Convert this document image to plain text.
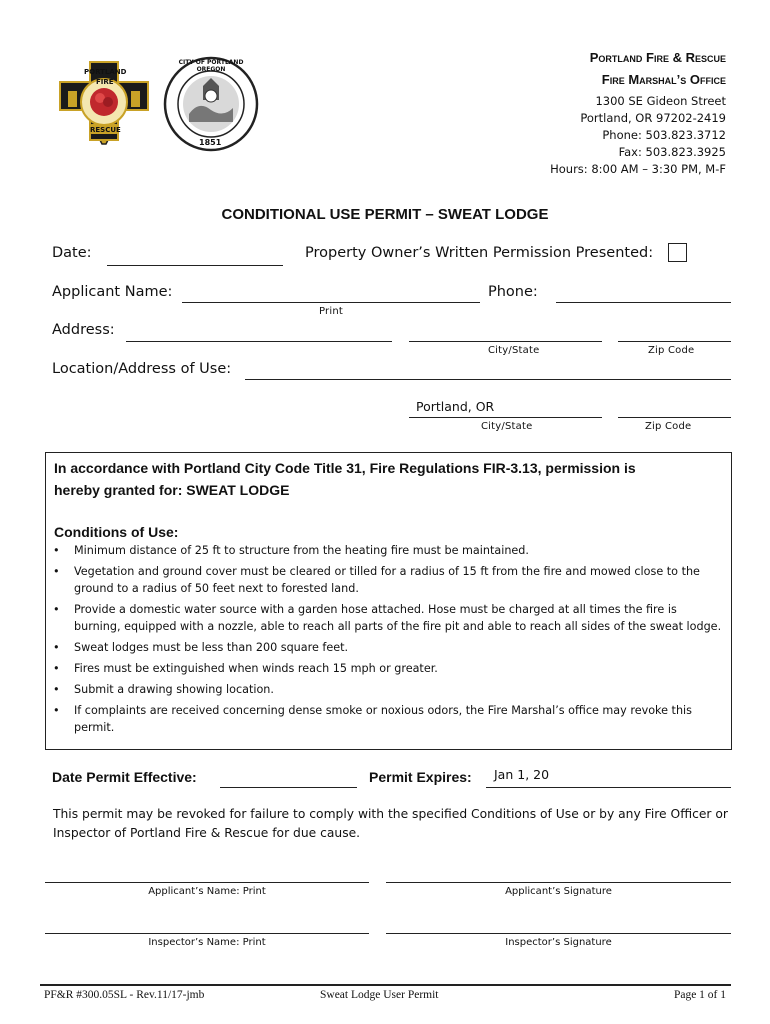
PORTLAND
FIRE
RESCUE
CITY OF PORTLAND OREGON
1851
Portland Fire & Rescue
Fire Marshal’s Office
1300 SE Gideon Street
Portland, OR 97202-2419
Phone: 503.823.3712
Fax: 503.823.3925
Hours: 8:00 AM – 3:30 PM, M-F
CONDITIONAL USE PERMIT – SWEAT LODGE
Date:	Property Owner’s Written Permission Presented:
Applicant Name:
Print
Phone:
Address:
City/State	Zip Code
Location/Address of Use:
Portland, OR
City/State	Zip Code
In accordance with Portland City Code Title 31, Fire Regulations FIR-3.13, permission is
hereby granted for: SWEAT LODGE
Conditions of Use:
• Minimum distance of 25 ft to structure from the heating fire must be maintained.
• Vegetation and ground cover must be cleared or tilled for a radius of 15 ft from the fire and mowed close to the ground to a radius of 50 feet next to forested land.
• Provide a domestic water source with a garden hose attached. Hose must be charged at all times the fire is burning, equipped with a nozzle, able to reach all parts of the fire pit and able to reach all sides of the sweat lodge.
• Sweat lodges must be less than 200 square feet.
• Fires must be extinguished when winds reach 15 mph or greater.
• Submit a drawing showing location.
• If complaints are received concerning dense smoke or noxious odors, the Fire Marshal’s office may revoke this permit.
Date Permit Effective:	Permit Expires: Jan 1, 20
This permit may be revoked for failure to comply with the specified Conditions of Use or by any Fire Officer or Inspector of Portland Fire & Rescue for due cause.
Applicant’s Name: Print	Applicant’s Signature
Inspector’s Name: Print	Inspector’s Signature
PF&R #300.05SL - Rev.11/17-jmb	Sweat Lodge User Permit	Page 1 of 1
